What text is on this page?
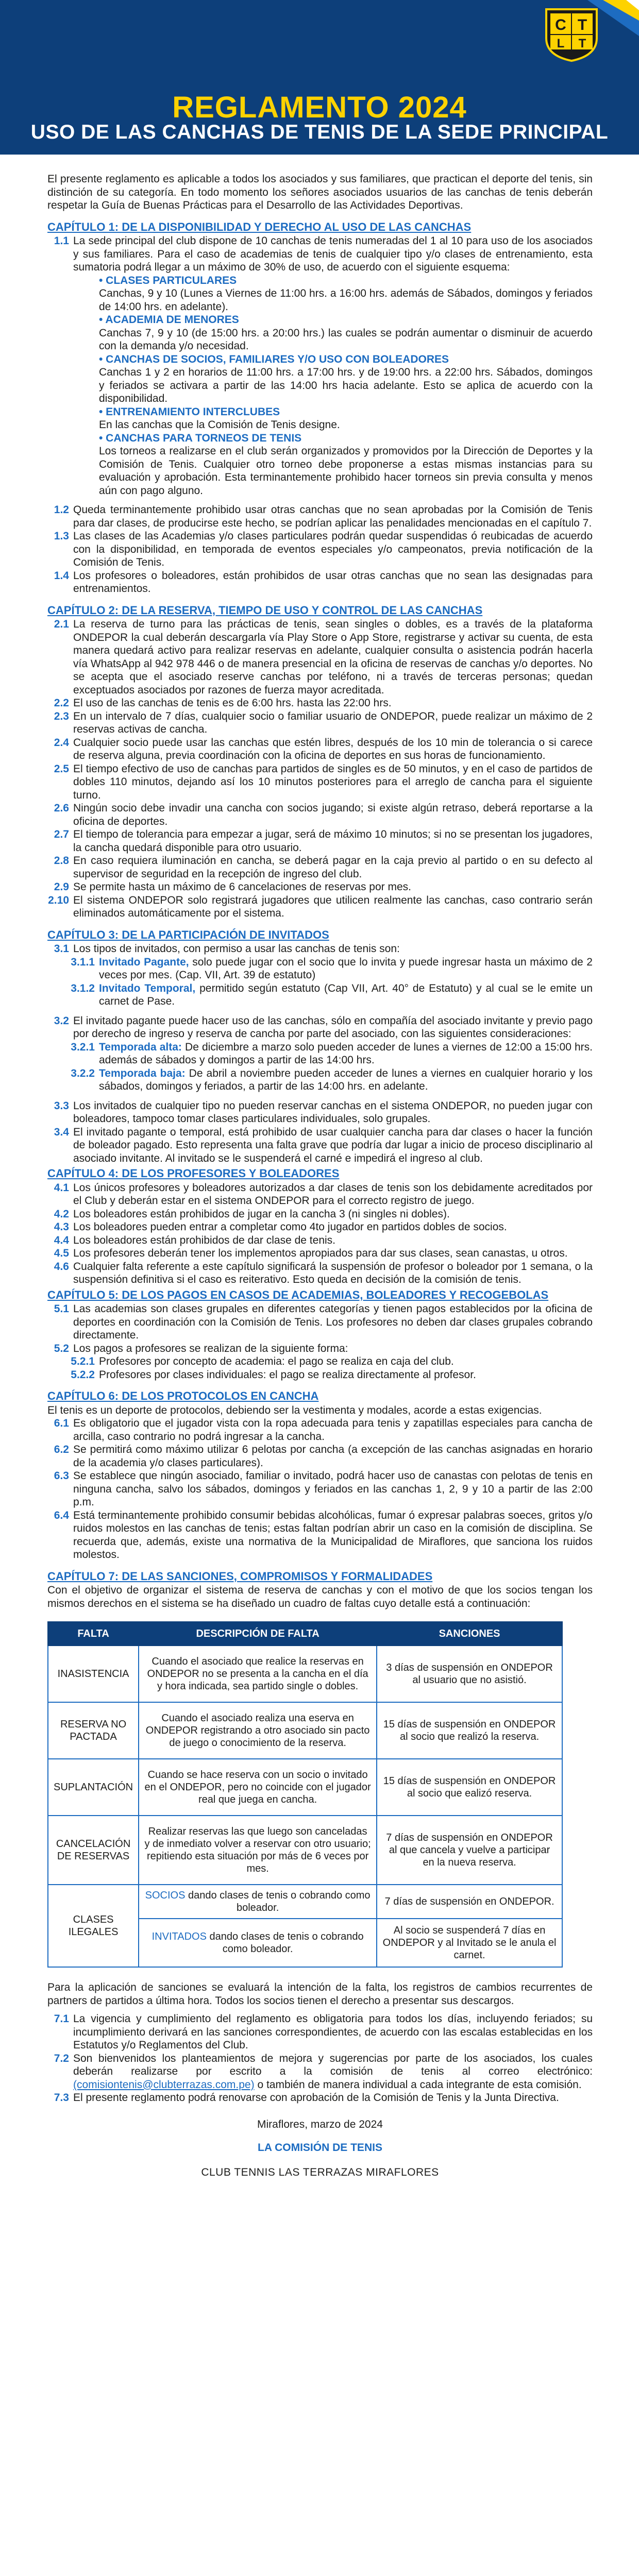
C T
L T
REGLAMENTO 2024
USO DE LAS CANCHAS DE TENIS DE LA SEDE PRINCIPAL

El presente reglamento es aplicable a todos los asociados y sus familiares, que practican el deporte del tenis, sin distinción de su categoría. En todo momento los señores asociados usuarios de las canchas de tenis deberán respetar la Guía de Buenas Prácticas para el Desarrollo de las Actividades Deportivas.

CAPÍTULO 1: DE LA DISPONIBILIDAD Y DERECHO AL USO DE LAS CANCHAS
1.1 La sede principal del club dispone de 10 canchas de tenis numeradas del 1 al 10 para uso de los asociados y sus familiares. Para el caso de academias de tenis de cualquier tipo y/o clases de entrenamiento, esta sumatoria podrá llegar a un máximo de 30% de uso, de acuerdo con el siguiente esquema:

• CLASES PARTICULARES

Canchas, 9 y 10 (Lunes a Viernes de 11:00 hrs. a 16:00 hrs. además de Sábados, domingos y feriados de 14:00 hrs. en adelante).

• ACADEMIA DE MENORES

Canchas 7, 9 y 10 (de 15:00 hrs. a 20:00 hrs.) las cuales se podrán aumentar o disminuir de acuerdo con la demanda y/o necesidad.

• CANCHAS DE SOCIOS, FAMILIARES Y/O USO CON BOLEADORES

Canchas 1 y 2 en horarios de 11:00 hrs. a 17:00 hrs. y de 19:00 hrs. a 22:00 hrs. Sábados, domingos y feriados se activara a partir de las 14:00 hrs hacia adelante. Esto se aplica de acuerdo con la disponibilidad.

• ENTRENAMIENTO INTERCLUBES

En las canchas que la Comisión de Tenis designe.

• CANCHAS PARA TORNEOS DE TENIS

Los torneos a realizarse en el club serán organizados y promovidos por la Dirección de Deportes y la Comisión de Tenis. Cualquier otro torneo debe proponerse a estas mismas instancias para su evaluación y aprobación. Esta terminantemente prohibido hacer torneos sin previa consulta y menos aún con pago alguno.

1.2 Queda terminantemente prohibido usar otras canchas que no sean aprobadas por la Comisión de Tenis para dar clases, de producirse este hecho, se podrían aplicar las penalidades mencionadas en el capítulo 7.
1.3 Las clases de las Academias y/o clases particulares podrán quedar suspendidas ó reubicadas de acuerdo con la disponibilidad, en temporada de eventos especiales y/o campeonatos, previa notificación de la Comisión de Tenis.
1.4 Los profesores o boleadores, están prohibidos de usar otras canchas que no sean las designadas para entrenamientos.
CAPÍTULO 2: DE LA RESERVA, TIEMPO DE USO Y CONTROL DE LAS CANCHAS
2.1 La reserva de turno para las prácticas de tenis, sean singles o dobles, es a través de la plataforma ONDEPOR la cual deberán descargarla vía Play Store o App Store, registrarse y activar su cuenta, de esta manera quedará activo para realizar reservas en adelante, cualquier consulta o asistencia podrán hacerla vía WhatsApp al 942 978 446 o de manera presencial en la oficina de reservas de canchas y/o deportes. No se acepta que el asociado reserve canchas por teléfono, ni a través de terceras personas; quedan exceptuados asociados por razones de fuerza mayor acreditada.
2.2 El uso de las canchas de tenis es de 6:00 hrs. hasta las 22:00 hrs.
2.3 En un intervalo de 7 días, cualquier socio o familiar usuario de ONDEPOR, puede realizar un máximo de 2 reservas activas de cancha.
2.4 Cualquier socio puede usar las canchas que estén libres, después de los 10 min de tolerancia o si carece de reserva alguna, previa coordinación con la oficina de deportes en sus horas de funcionamiento.
2.5 El tiempo efectivo de uso de canchas para partidos de singles es de 50 minutos, y en el caso de partidos de dobles 110 minutos, dejando así los 10 minutos posteriores para el arreglo de cancha para el siguiente turno.
2.6 Ningún socio debe invadir una cancha con socios jugando; si existe algún retraso, deberá reportarse a la oficina de deportes.
2.7 El tiempo de tolerancia para empezar a jugar, será de máximo 10 minutos; si no se presentan los jugadores, la cancha quedará disponible para otro usuario.
2.8 En caso requiera iluminación en cancha, se deberá pagar en la caja previo al partido o en su defecto al supervisor de seguridad en la recepción de ingreso del club.
2.9 Se permite hasta un máximo de 6 cancelaciones de reservas por mes.
2.10 El sistema ONDEPOR solo registrará jugadores que utilicen realmente las canchas, caso contrario serán eliminados automáticamente por el sistema.
CAPÍTULO 3: DE LA PARTICIPACIÓN DE INVITADOS
3.1 Los tipos de invitados, con permiso a usar las canchas de tenis son:
3.1.1 Invitado Pagante, solo puede jugar con el socio que lo invita y puede ingresar hasta un máximo de 2 veces por mes. (Cap. VII, Art. 39 de estatuto)
3.1.2 Invitado Temporal, permitido según estatuto (Cap VII, Art. 40° de Estatuto) y al cual se le emite un carnet de Pase.
3.2 El invitado pagante puede hacer uso de las canchas, sólo en compañía del asociado invitante y previo pago por derecho de ingreso y reserva de cancha por parte del asociado, con las siguientes consideraciones:
3.2.1 Temporada alta: De diciembre a marzo solo pueden acceder de lunes a viernes de 12:00 a 15:00 hrs. además de sábados y domingos a partir de las 14:00 hrs.
3.2.2 Temporada baja: De abril a noviembre pueden acceder de lunes a viernes en cualquier horario y los sábados, domingos y feriados, a partir de las 14:00 hrs. en adelante.
3.3 Los invitados de cualquier tipo no pueden reservar canchas en el sistema ONDEPOR, no pueden jugar con boleadores, tampoco tomar clases particulares individuales, solo grupales.
3.4 El invitado pagante o temporal, está prohibido de usar cualquier cancha para dar clases o hacer la función de boleador pagado. Esto representa una falta grave que podría dar lugar a inicio de proceso disciplinario al asociado invitante. Al invitado se le suspenderá el carné e impedirá el ingreso al club.
CAPÍTULO 4: DE LOS PROFESORES Y BOLEADORES
4.1 Los únicos profesores y boleadores autorizados a dar clases de tenis son los debidamente acreditados por el Club y deberán estar en el sistema ONDEPOR para el correcto registro de juego.
4.2 Los boleadores están prohibidos de jugar en la cancha 3 (ni singles ni dobles).
4.3 Los boleadores pueden entrar a completar como 4to jugador en partidos dobles de socios.
4.4 Los boleadores están prohibidos de dar clase de tenis.
4.5 Los profesores deberán tener los implementos apropiados para dar sus clases, sean canastas, u otros.
4.6 Cualquier falta referente a este capítulo significará la suspensión de profesor o boleador por 1 semana, o la suspensión definitiva si el caso es reiterativo. Esto queda en decisión de la comisión de tenis.
CAPÍTULO 5: DE LOS PAGOS EN CASOS DE ACADEMIAS, BOLEADORES Y RECOGEBOLAS
5.1 Las academias son clases grupales en diferentes categorías y tienen pagos establecidos por la oficina de deportes en coordinación con la Comisión de Tenis. Los profesores no deben dar clases grupales cobrando directamente.
5.2 Los pagos a profesores se realizan de la siguiente forma:
5.2.1 Profesores por concepto de academia: el pago se realiza en caja del club.
5.2.2 Profesores por clases individuales: el pago se realiza directamente al profesor.
CAPÍTULO 6: DE LOS PROTOCOLOS EN CANCHA

El tenis es un deporte de protocolos, debiendo ser la vestimenta y modales, acorde a estas exigencias.

6.1 Es obligatorio que el jugador vista con la ropa adecuada para tenis y zapatillas especiales para cancha de arcilla, caso contrario no podrá ingresar a la cancha.
6.2 Se permitirá como máximo utilizar 6 pelotas por cancha (a excepción de las canchas asignadas en horario de la academia y/o clases particulares).
6.3 Se establece que ningún asociado, familiar o invitado, podrá hacer uso de canastas con pelotas de tenis en ninguna cancha, salvo los sábados, domingos y feriados en las canchas 1, 2, 9 y 10 a partir de las 2:00 p.m.
6.4 Está terminantemente prohibido consumir bebidas alcohólicas, fumar ó expresar palabras soeces, gritos y/o ruidos molestos en las canchas de tenis; estas faltan podrían abrir un caso en la comisión de disciplina. Se recuerda que, además, existe una normativa de la Municipalidad de Miraflores, que sanciona los ruidos molestos.
CAPÍTULO 7: DE LAS SANCIONES, COMPROMISOS Y FORMALIDADES

Con el objetivo de organizar el sistema de reserva de canchas y con el motivo de que los socios tengan los mismos derechos en el sistema se ha diseñado un cuadro de faltas cuyo detalle está a continuación:

FALTA	DESCRIPCIÓN DE FALTA	SANCIONES
INASISTENCIA	Cuando el asociado que realice la reservas en ONDEPOR no se presenta a la cancha en el día y hora indicada, sea partido single o dobles.	3 días de suspensión en ONDEPOR al usuario que no asistió.
RESERVA NO PACTADA	Cuando el asociado realiza una eserva en ONDEPOR registrando a otro asociado sin pacto de juego o conocimiento de la reserva.	15 días de suspensión en ONDEPOR al socio que realizó la reserva.
SUPLANTACIÓN	Cuando se hace reserva con un socio o invitado en el ONDEPOR, pero no coincide con el jugador real que juega en cancha.	15 días de suspensión en ONDEPOR al socio que ealizó reserva.
CANCELACIÓN DE RESERVAS	Realizar reservas las que luego son canceladas y de inmediato volver a reservar con otro usuario; repitiendo esta situación por más de 6 veces por mes.	7 días de suspensión en ONDEPOR al que cancela y vuelve a participar en la nueva reserva.
CLASES ILEGALES	SOCIOS dando clases de tenis o cobrando como boleador.	7 días de suspensión en ONDEPOR.
	INVITADOS dando clases de tenis o cobrando como boleador.	Al socio se suspenderá 7 días en ONDEPOR y al Invitado se le anula el carnet.

Para la aplicación de sanciones se evaluará la intención de la falta, los registros de cambios recurrentes de partners de partidos a última hora. Todos los socios tienen el derecho a presentar sus descargos.

7.1 La vigencia y cumplimiento del reglamento es obligatoria para todos los días, incluyendo feriados; su incumplimiento derivará en las sanciones correspondientes, de acuerdo con las escalas establecidas en los Estatutos y/o Reglamentos del Club.
7.2 Son bienvenidos los planteamientos de mejora y sugerencias por parte de los asociados, los cuales deberán realizarse por escrito a la comisión de tenis al correo electrónico: (comisiontenis@clubterrazas.com.pe) o también de manera individual a cada integrante de esta comisión.
7.3 El presente reglamento podrá renovarse con aprobación de la Comisión de Tenis y la Junta Directiva.

Miraflores, marzo de 2024

LA COMISIÓN DE TENIS

CLUB TENNIS LAS TERRAZAS MIRAFLORES
